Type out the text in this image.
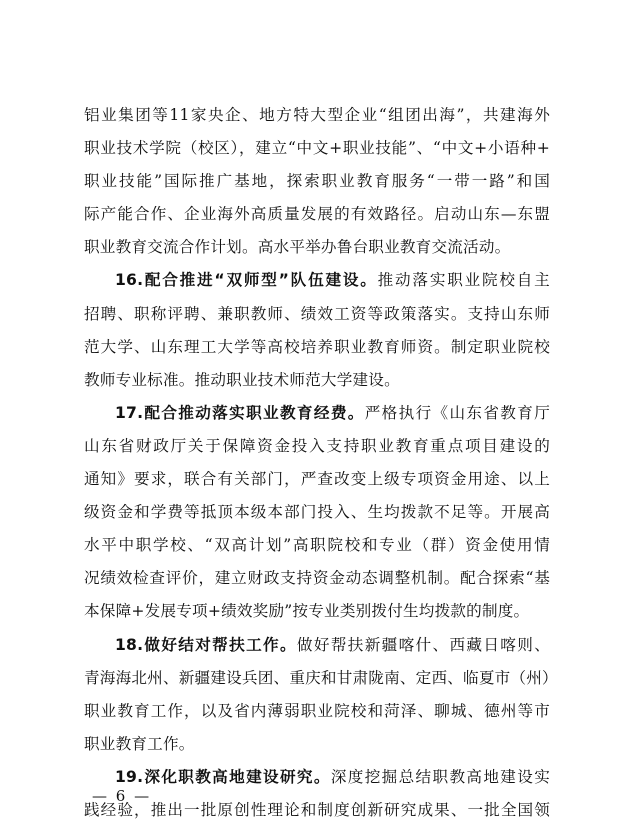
铝业集团等11家央企、地方特大型企业“组团出海”，共建海外
职业技术学院（校区），建立“中文+职业技能”、“中文+小语种+
职业技能”国际推广基地，探索职业教育服务“一带一路”和国
际产能合作、企业海外高质量发展的有效路径。启动山东—东盟
职业教育交流合作计划。高水平举办鲁台职业教育交流活动。
16.配合推进“双师型”队伍建设。推动落实职业院校自主
招聘、职称评聘、兼职教师、绩效工资等政策落实。支持山东师
范大学、山东理工大学等高校培养职业教育师资。制定职业院校
教师专业标准。推动职业技术师范大学建设。
17.配合推动落实职业教育经费。严格执行《山东省教育厅
山东省财政厅关于保障资金投入支持职业教育重点项目建设的
通知》要求，联合有关部门，严查改变上级专项资金用途、以上
级资金和学费等抵顶本级本部门投入、生均拨款不足等。开展高
水平中职学校、“双高计划”高职院校和专业（群）资金使用情
况绩效检查评价，建立财政支持资金动态调整机制。配合探索“基
本保障+发展专项+绩效奖励”按专业类别拨付生均拨款的制度。
18.做好结对帮扶工作。做好帮扶新疆喀什、西藏日喀则、
青海海北州、新疆建设兵团、重庆和甘肃陇南、定西、临夏市（州）
职业教育工作，以及省内薄弱职业院校和菏泽、聊城、德州等市
职业教育工作。
19.深化职教高地建设研究。深度挖掘总结职教高地建设实
践经验，推出一批原创性理论和制度创新研究成果、一批全国领
— 6 —
